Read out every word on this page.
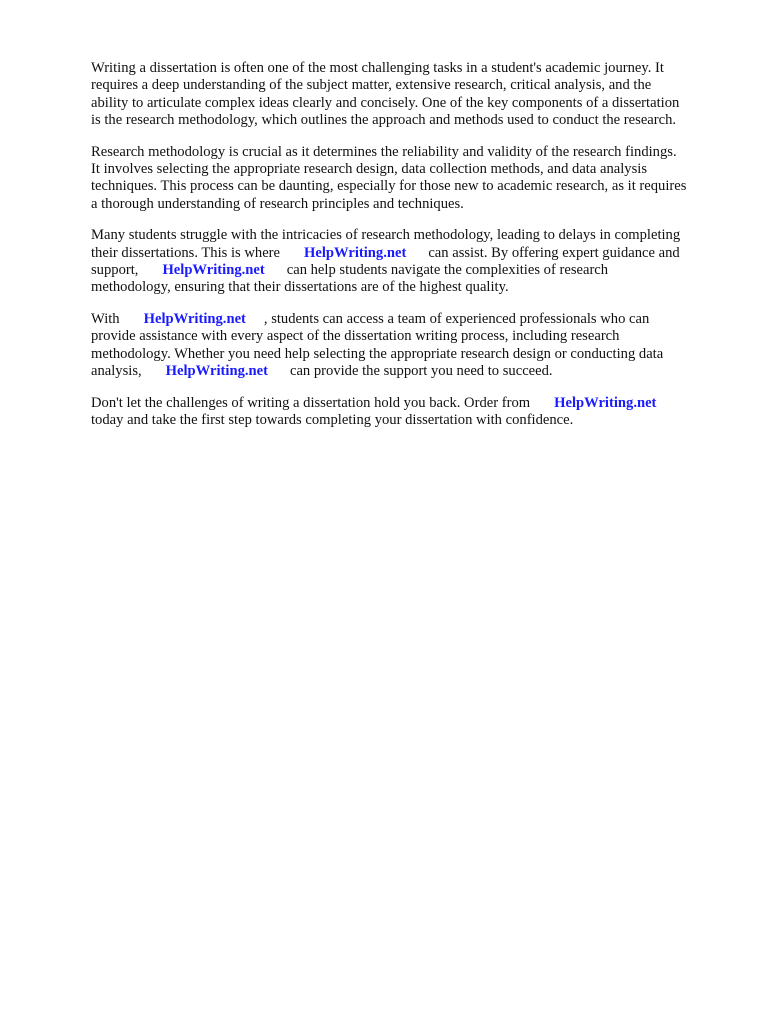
Writing a dissertation is often one of the most challenging tasks in a student's academic journey. It
requires a deep understanding of the subject matter, extensive research, critical analysis, and the
ability to articulate complex ideas clearly and concisely. One of the key components of a dissertation
is the research methodology, which outlines the approach and methods used to conduct the research.
Research methodology is crucial as it determines the reliability and validity of the research findings.
It involves selecting the appropriate research design, data collection methods, and data analysis
techniques. This process can be daunting, especially for those new to academic research, as it requires
a thorough understanding of research principles and techniques.
Many students struggle with the intricacies of research methodology, leading to delays in completing
their dissertations. This is where HelpWriting.net can assist. By offering expert guidance and
support, HelpWriting.net can help students navigate the complexities of research
methodology, ensuring that their dissertations are of the highest quality.
With HelpWriting.net , students can access a team of experienced professionals who can
provide assistance with every aspect of the dissertation writing process, including research
methodology. Whether you need help selecting the appropriate research design or conducting data
analysis, HelpWriting.net can provide the support you need to succeed.
Don't let the challenges of writing a dissertation hold you back. Order from HelpWriting.net
today and take the first step towards completing your dissertation with confidence.
